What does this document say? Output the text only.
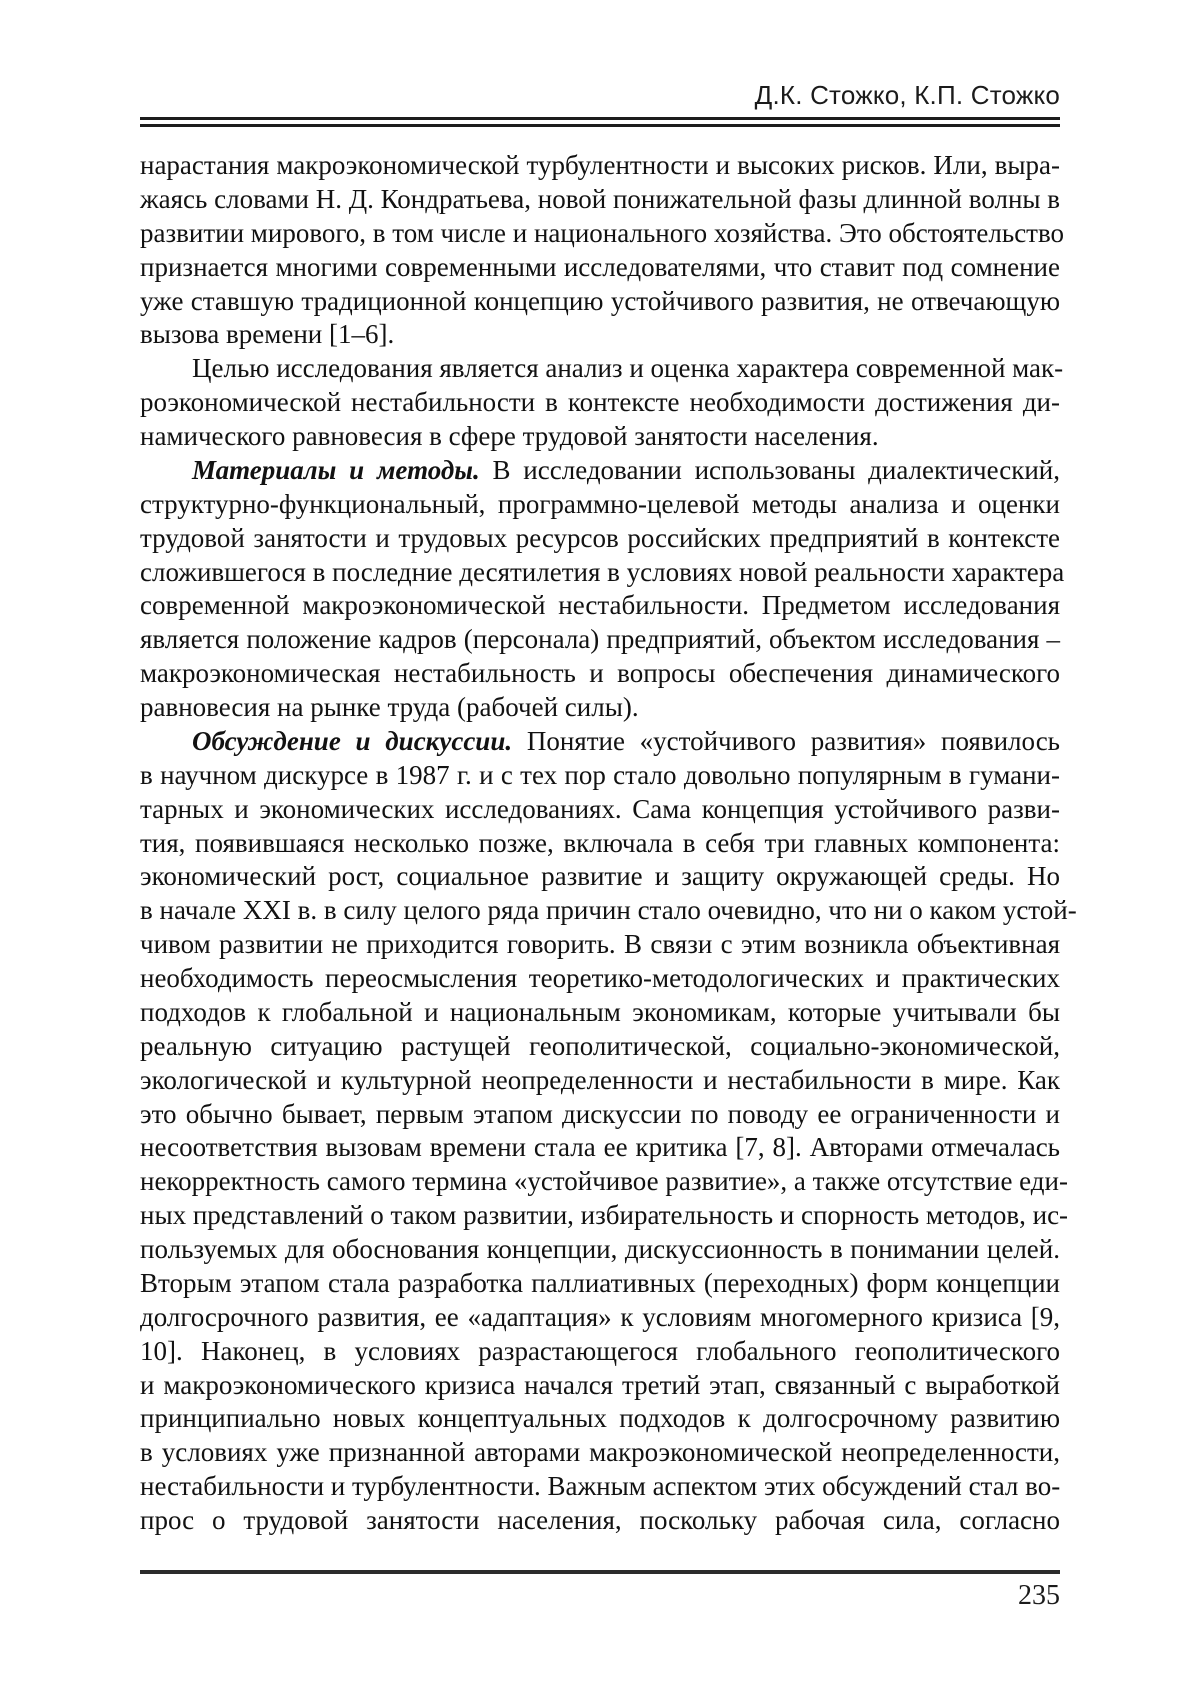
Д.К. Стожко, К.П. Стожко
нарастания макроэкономической турбулентности и высоких рисков. Или, выра-
жаясь словами Н. Д. Кондратьева, новой понижательной фазы длинной волны в
развитии мирового, в том числе и национального хозяйства. Это обстоятельство
признается многими современными исследователями, что ставит под сомнение
уже ставшую традиционной концепцию устойчивого развития, не отвечающую
вызова времени [1–6].
Целью исследования является анализ и оценка характера современной мак-
роэкономической нестабильности в контексте необходимости достижения ди-
намического равновесия в сфере трудовой занятости населения.
Материалы и методы. В исследовании использованы диалектический,
структурно-функциональный, программно-целевой методы анализа и оценки
трудовой занятости и трудовых ресурсов российских предприятий в контексте
сложившегося в последние десятилетия в условиях новой реальности характера
современной макроэкономической нестабильности. Предметом исследования
является положение кадров (персонала) предприятий, объектом исследования –
макроэкономическая нестабильность и вопросы обеспечения динамического
равновесия на рынке труда (рабочей силы).
Обсуждение и дискуссии. Понятие «устойчивого развития» появилось
в научном дискурсе в 1987 г. и с тех пор стало довольно популярным в гумани-
тарных и экономических исследованиях. Сама концепция устойчивого разви-
тия, появившаяся несколько позже, включала в себя три главных компонента:
экономический рост, социальное развитие и защиту окружающей среды. Но
в начале XXI в. в силу целого ряда причин стало очевидно, что ни о каком устой-
чивом развитии не приходится говорить. В связи с этим возникла объективная
необходимость переосмысления теоретико-методологических и практических
подходов к глобальной и национальным экономикам, которые учитывали бы
реальную ситуацию растущей геополитической, социально-экономической,
экологической и культурной неопределенности и нестабильности в мире. Как
это обычно бывает, первым этапом дискуссии по поводу ее ограниченности и
несоответствия вызовам времени стала ее критика [7, 8]. Авторами отмечалась
некорректность самого термина «устойчивое развитие», а также отсутствие еди-
ных представлений о таком развитии, избирательность и спорность методов, ис-
пользуемых для обоснования концепции, дискуссионность в понимании целей.
Вторым этапом стала разработка паллиативных (переходных) форм концепции
долгосрочного развития, ее «адаптация» к условиям многомерного кризиса [9,
10]. Наконец, в условиях разрастающегося глобального геополитического
и макроэкономического кризиса начался третий этап, связанный с выработкой
принципиально новых концептуальных подходов к долгосрочному развитию
в условиях уже признанной авторами макроэкономической неопределенности,
нестабильности и турбулентности. Важным аспектом этих обсуждений стал во-
прос о трудовой занятости населения, поскольку рабочая сила, согласно
235
